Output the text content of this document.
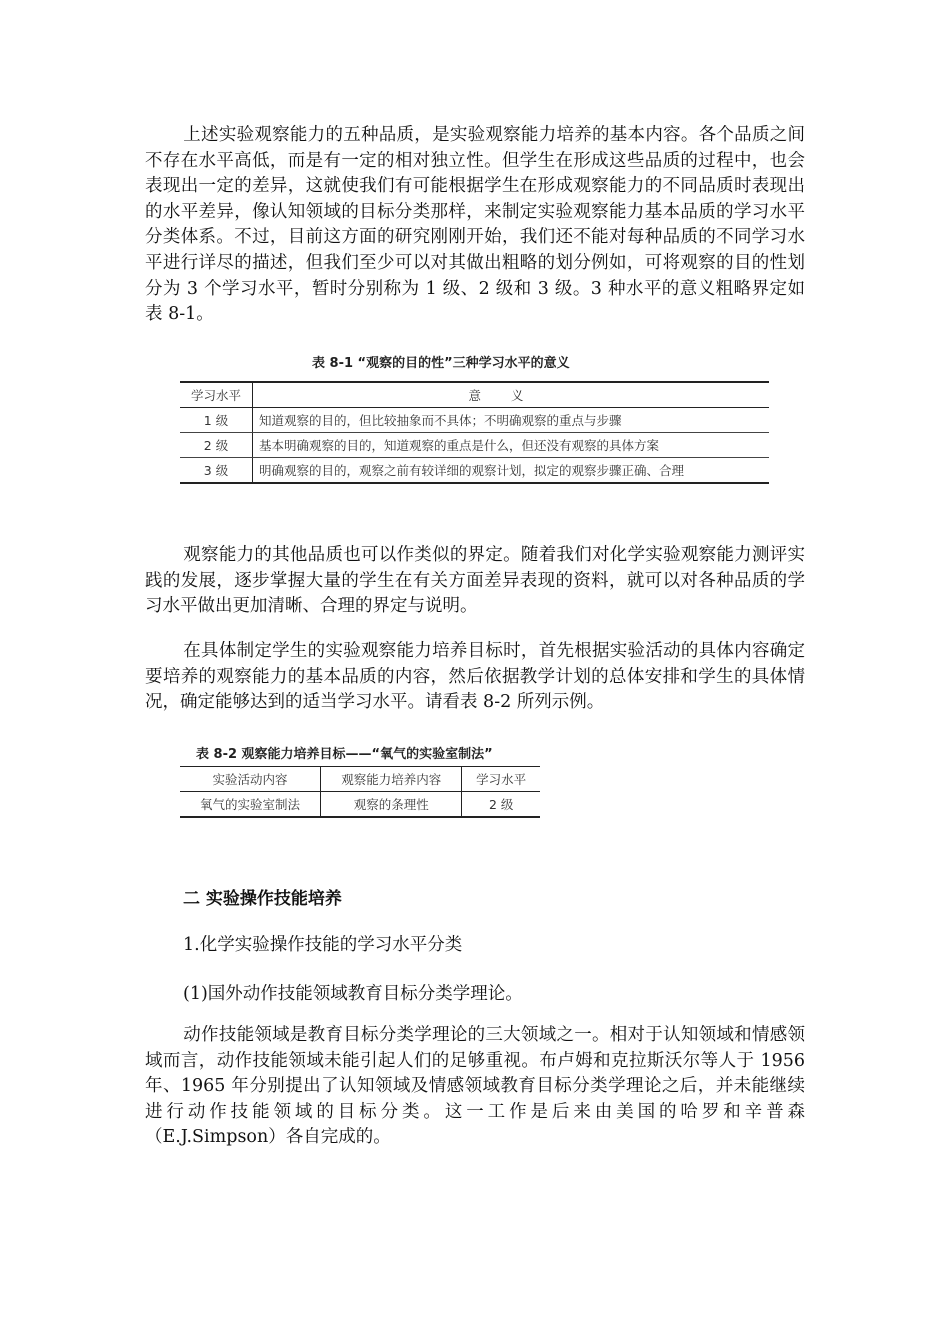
上述实验观察能力的五种品质，是实验观察能力培养的基本内容。各个品质之间不存在水平高低，而是有一定的相对独立性。但学生在形成这些品质的过程中，也会表现出一定的差异，这就使我们有可能根据学生在形成观察能力的不同品质时表现出的水平差异，像认知领域的目标分类那样，来制定实验观察能力基本品质的学习水平分类体系。不过，目前这方面的研究刚刚开始，我们还不能对每种品质的不同学习水平进行详尽的描述，但我们至少可以对其做出粗略的划分例如，可将观察的目的性划分为 3 个学习水平，暂时分别称为 1 级、2 级和 3 级。3 种水平的意义粗略界定如表 8-1。

表 8-1 “观察的目的性”三种学习水平的意义
学习水平	意义
1 级	知道观察的目的，但比较抽象而不具体；不明确观察的重点与步骤
2 级	基本明确观察的目的，知道观察的重点是什么，但还没有观察的具体方案
3 级	明确观察的目的，观察之前有较详细的观察计划，拟定的观察步骤正确、合理

观察能力的其他品质也可以作类似的界定。随着我们对化学实验观察能力测评实践的发展，逐步掌握大量的学生在有关方面差异表现的资料，就可以对各种品质的学习水平做出更加清晰、合理的界定与说明。

在具体制定学生的实验观察能力培养目标时，首先根据实验活动的具体内容确定要培养的观察能力的基本品质的内容，然后依据教学计划的总体安排和学生的具体情况，确定能够达到的适当学习水平。请看表 8-2 所列示例。

表 8-2 观察能力培养目标——“氧气的实验室制法”
实验活动内容	观察能力培养内容	学习水平
氧气的实验室制法	观察的条理性	2 级
二 实验操作技能培养

1.化学实验操作技能的学习水平分类

(1)国外动作技能领域教育目标分类学理论。

动作技能领域是教育目标分类学理论的三大领域之一。相对于认知领域和情感领域而言，动作技能领域未能引起人们的足够重视。布卢姆和克拉斯沃尔等人于 1956 年、1965 年分别提出了认知领域及情感领域教育目标分类学理论之后，并未能继续进行动作技能领域的目标分类。这一工作是后来由美国的哈罗和辛普森（E.J.Simpson）各自完成的。
